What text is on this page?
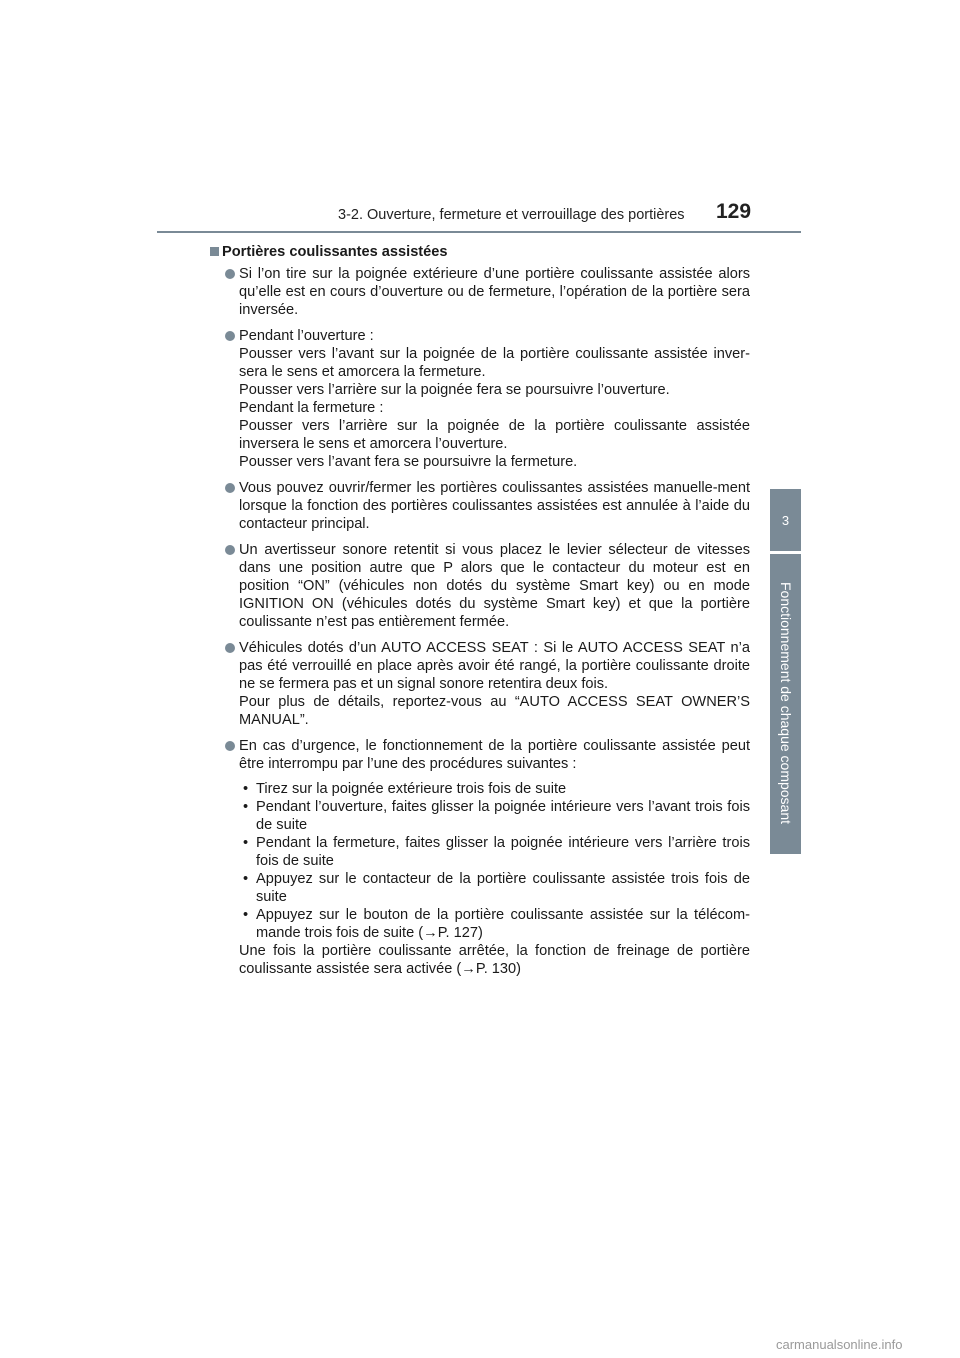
3-2. Ouverture, fermeture et verrouillage des portières 129
3
Fonctionnement de chaque composant
Portières coulissantes assistées
Si l’on tire sur la poignée extérieure d’une portière coulissante assistée alors qu’elle est en cours d’ouverture ou de fermeture, l’opération de la portière sera inversée.
Pendant l’ouverture :
Pousser vers l’avant sur la poignée de la portière coulissante assistée inver-sera le sens et amorcera la fermeture.
Pousser vers l’arrière sur la poignée fera se poursuivre l’ouverture.
Pendant la fermeture :
Pousser vers l’arrière sur la poignée de la portière coulissante assistée inversera le sens et amorcera l’ouverture.
Pousser vers l’avant fera se poursuivre la fermeture.
Vous pouvez ouvrir/fermer les portières coulissantes assistées manuelle-ment lorsque la fonction des portières coulissantes assistées est annulée à l’aide du contacteur principal.
Un avertisseur sonore retentit si vous placez le levier sélecteur de vitesses dans une position autre que P alors que le contacteur du moteur est en position “ON” (véhicules non dotés du système Smart key) ou en mode IGNITION ON (véhicules dotés du système Smart key) et que la portière coulissante n’est pas entièrement fermée.
Véhicules dotés d’un AUTO ACCESS SEAT : Si le AUTO ACCESS SEAT n’a pas été verrouillé en place après avoir été rangé, la portière coulissante droite ne se fermera pas et un signal sonore retentira deux fois.
Pour plus de détails, reportez-vous au “AUTO ACCESS SEAT OWNER’S MANUAL”.
En cas d’urgence, le fonctionnement de la portière coulissante assistée peut être interrompu par l’une des procédures suivantes :
• Tirez sur la poignée extérieure trois fois de suite
• Pendant l’ouverture, faites glisser la poignée intérieure vers l’avant trois fois de suite
• Pendant la fermeture, faites glisser la poignée intérieure vers l’arrière trois fois de suite
• Appuyez sur le contacteur de la portière coulissante assistée trois fois de suite
• Appuyez sur le bouton de la portière coulissante assistée sur la télécom-mande trois fois de suite (→P. 127)
Une fois la portière coulissante arrêtée, la fonction de freinage de portière coulissante assistée sera activée (→P. 130)
carmanualsonline.info
